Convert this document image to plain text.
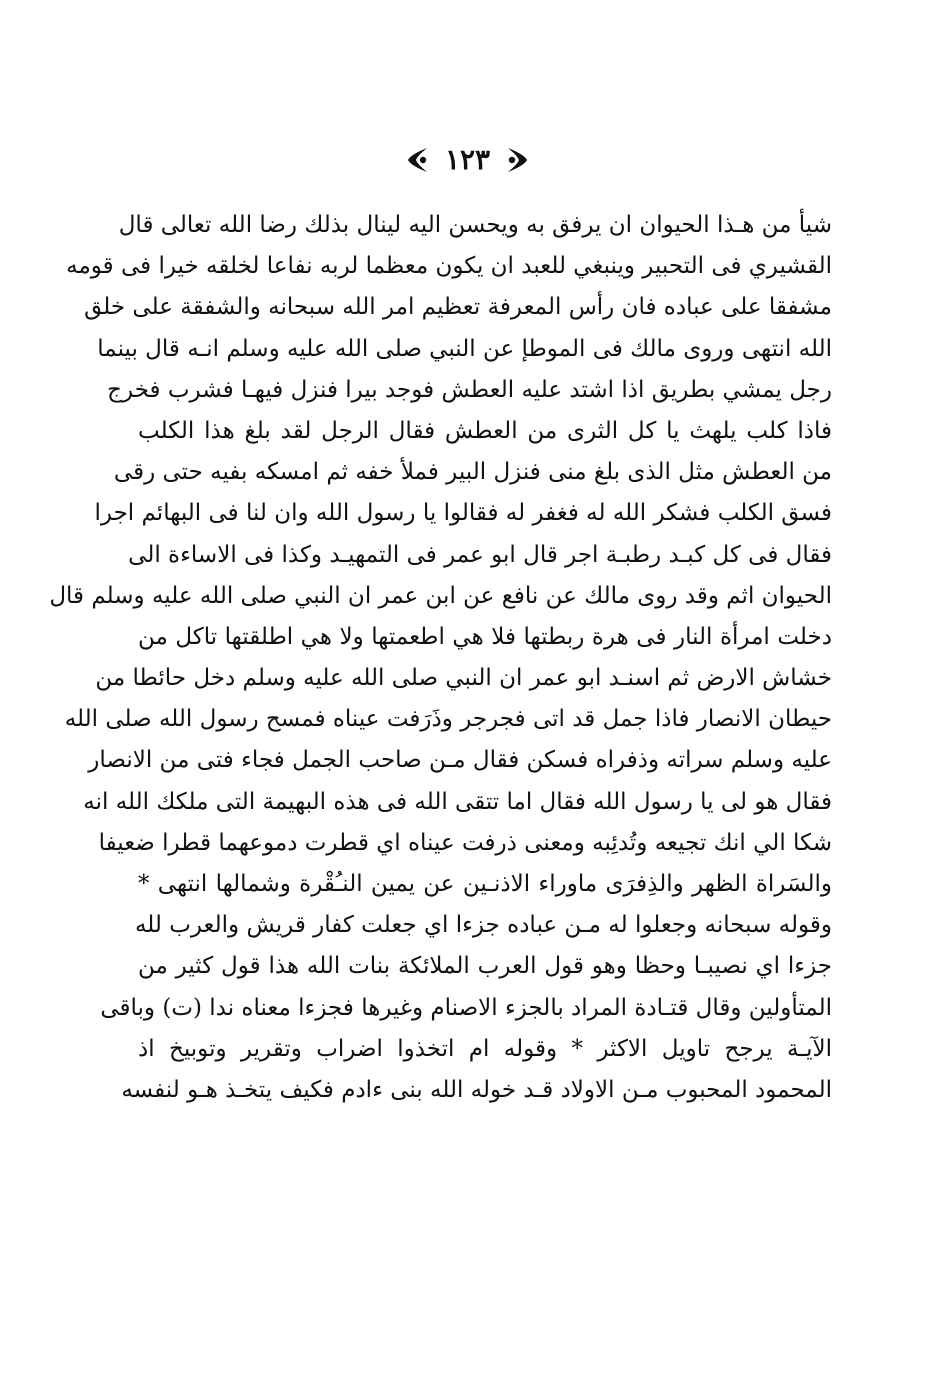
١٢٣
شيأ من هـذا الحيوان ان يرفق به ويحسن اليه لينال بذلك رضا الله تعالى قال
القشيري فى التحبير وينبغي للعبد ان يكون معظما لربه نفاعا لخلقه خيرا فى قومه
مشفقا على عباده فان رأس المعرفة تعظيم امر الله سبحانه والشفقة على خلق
الله انتهى وروى مالك فى الموطإ عن النبي صلى الله عليه وسلم انـه قال بينما
رجل يمشي بطريق اذا اشتد عليه العطش فوجد بيرا فنزل فيهـا فشرب فخرج
فاذا كلب يلهث يا كل الثرى من العطش فقال الرجل لقد بلغ هذا الكلب
من العطش مثل الذى بلغ منى فنزل البير فملأ خفه ثم امسكه بفيه حتى رقى
فسق الكلب فشكر الله له فغفر له فقالوا يا رسول الله وان لنا فى البهائم اجرا
فقال فى كل كبـد رطبـة اجر قال ابو عمر فى التمهيـد وكذا فى الاساءة الى
الحيوان اثم وقد روى مالك عن نافع عن ابن عمر ان النبي صلى الله عليه وسلم قال
دخلت امرأة النار فى هرة ربطتها فلا هي اطعمتها ولا هي اطلقتها تاكل من
خشاش الارض ثم اسنـد ابو عمر ان النبي صلى الله عليه وسلم دخل حائطا من
حيطان الانصار فاذا جمل قد اتى فجرجر وذَرَفت عيناه فمسح رسول الله صلى الله
عليه وسلم سراته وذفراه فسكن فقال مـن صاحب الجمل فجاء فتى من الانصار
فقال هو لى يا رسول الله فقال اما تتقى الله فى هذه البهيمة التى ملكك الله انه
شكا الي انك تجيعه وتُدئِبه ومعنى ذرفت عيناه اي قطرت دموعهما قطرا ضعيفا
والسَراة الظهر والذِفرَى ماوراء الاذنـين عن يمين النـُقْرة وشمالها انتهى *
وقوله سبحانه وجعلوا له مـن عباده جزءا اي جعلت كفار قريش والعرب لله
جزءا اي نصيبـا وحظا وهو قول العرب الملائكة بنات الله هذا قول كثير من
المتأولين وقال قتـادة المراد بالجزء الاصنام وغيرها فجزءا معناه ندا (ت) وباقى
الآيـة يرجح تاويل الاكثر * وقوله ام اتخذوا اضراب وتقرير وتوبيخ اذ
المحمود المحبوب مـن الاولاد قـد خوله الله بنى ءادم فكيف يتخـذ هـو لنفسه
